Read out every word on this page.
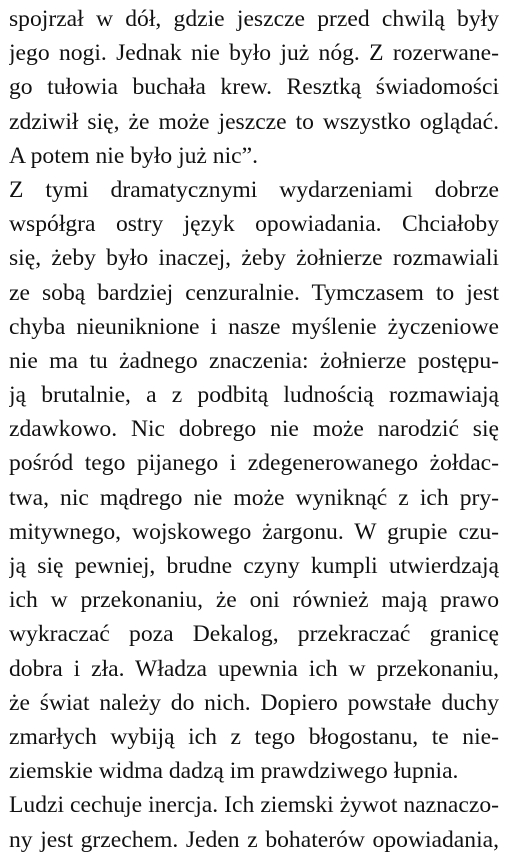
spojrzał w dół, gdzie jeszcze przed chwilą były
jego nogi. Jednak nie było już nóg. Z rozerwane-
go tułowia buchała krew. Resztką świadomości
zdziwił się, że może jeszcze to wszystko oglądać.
A potem nie było już nic”.
Z tymi dramatycznymi wydarzeniami dobrze
współgra ostry język opowiadania. Chciałoby
się, żeby było inaczej, żeby żołnierze rozmawiali
ze sobą bardziej cenzuralnie. Tymczasem to jest
chyba nieuniknione i nasze myślenie życzeniowe
nie ma tu żadnego znaczenia: żołnierze postępu-
ją brutalnie, a z podbitą ludnością rozmawiają
zdawkowo. Nic dobrego nie może narodzić się
pośród tego pijanego i zdegenerowanego żołdac-
twa, nic mądrego nie może wyniknąć z ich pry-
mitywnego, wojskowego żargonu. W grupie czu-
ją się pewniej, brudne czyny kumpli utwierdzają
ich w przekonaniu, że oni również mają prawo
wykraczać poza Dekalog, przekraczać granicę
dobra i zła. Władza upewnia ich w przekonaniu,
że świat należy do nich. Dopiero powstałe duchy
zmarłych wybiją ich z tego błogostanu, te nie-
ziemskie widma dadzą im prawdziwego łupnia.
Ludzi cechuje inercja. Ich ziemski żywot naznaczo-
ny jest grzechem. Jeden z bohaterów opowiadania,
